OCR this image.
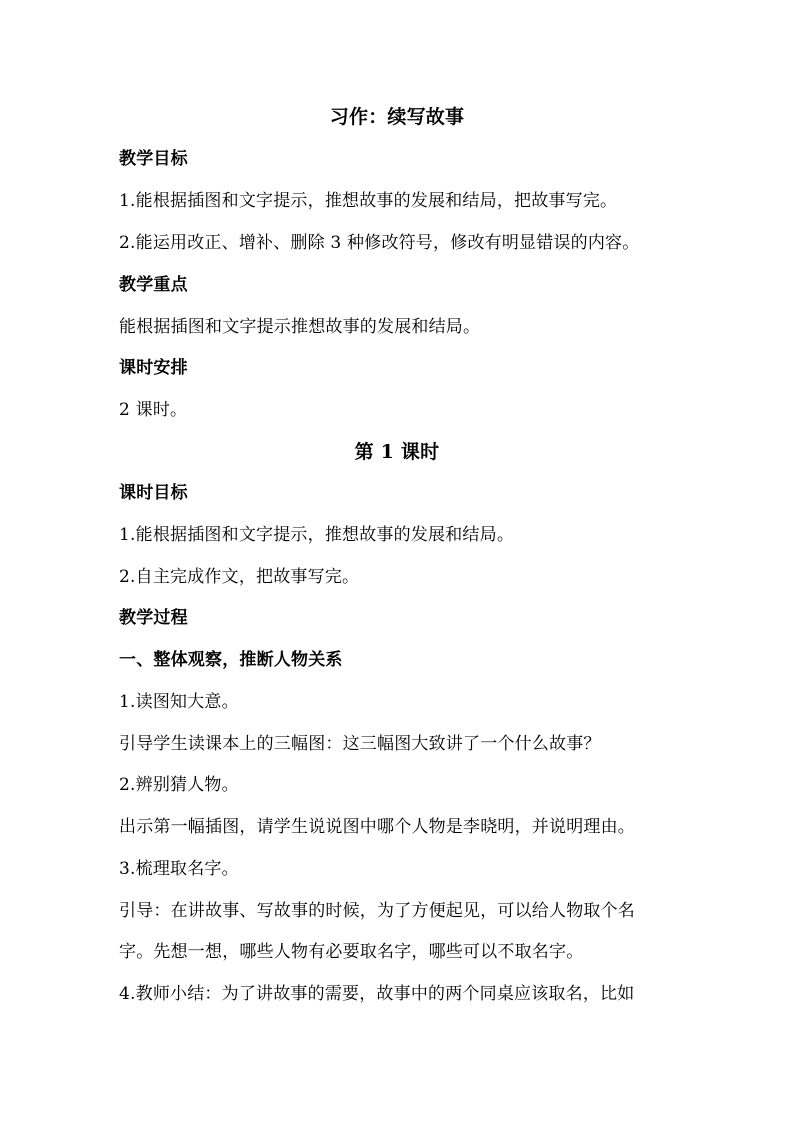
习作：续写故事
教学目标
1.能根据插图和文字提示，推想故事的发展和结局，把故事写完。
2.能运用改正、增补、删除 3 种修改符号，修改有明显错误的内容。
教学重点
能根据插图和文字提示推想故事的发展和结局。
课时安排
2 课时。
第 1 课时
课时目标
1.能根据插图和文字提示，推想故事的发展和结局。
2.自主完成作文，把故事写完。
教学过程
一、整体观察，推断人物关系
1.读图知大意。
引导学生读课本上的三幅图：这三幅图大致讲了一个什么故事？
2.辨别猜人物。
出示第一幅插图，请学生说说图中哪个人物是李晓明，并说明理由。
3.梳理取名字。
引导：在讲故事、写故事的时候，为了方便起见，可以给人物取个名
字。先想一想，哪些人物有必要取名字，哪些可以不取名字。
4.教师小结：为了讲故事的需要，故事中的两个同桌应该取名，比如
